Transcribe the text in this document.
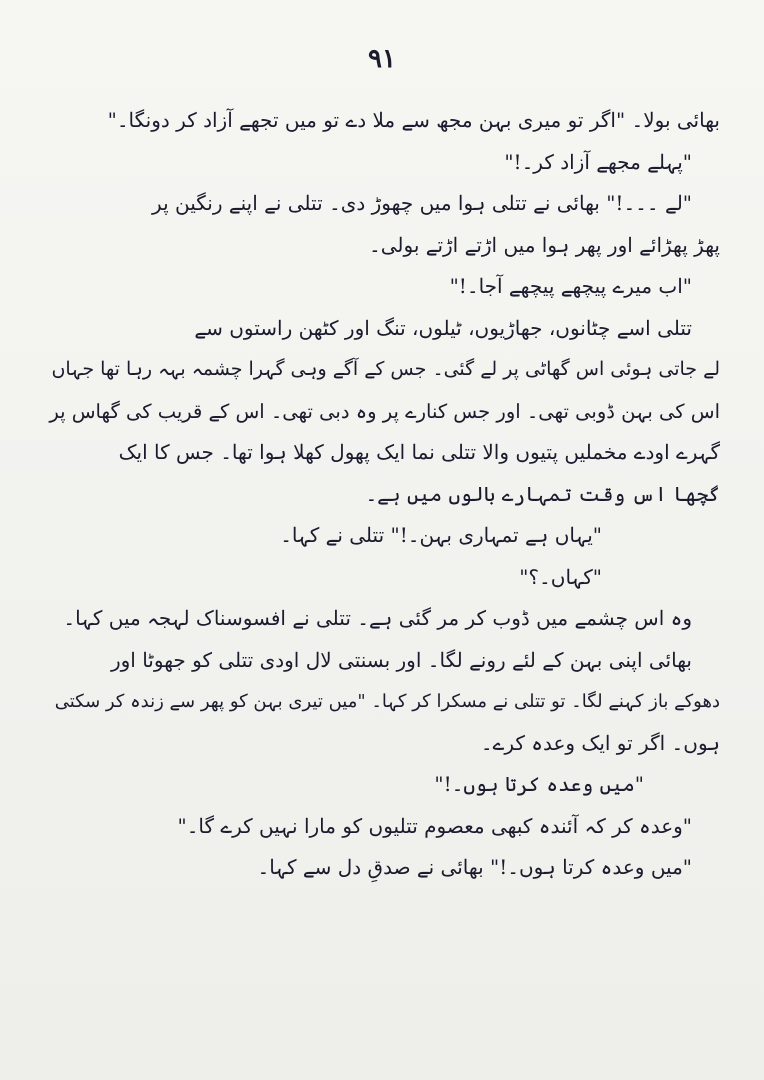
۹۱
بھائی بولا۔ "اگر تو میری بہن مجھ سے ملا دے تو میں تجھے آزاد کر دونگا۔"
"پہلے مجھے آزاد کر۔!"
"لے ۔۔۔!" بھائی نے تتلی ہوا میں چھوڑ دی۔ تتلی نے اپنے رنگین پر
پھڑ پھڑائے اور پھر ہوا میں اڑتے اڑتے بولی۔
"اب میرے پیچھے پیچھے آجا۔!"
تتلی اسے چٹانوں، جھاڑیوں، ٹیلوں، تنگ اور کٹھن راستوں سے
لے جاتی ہوئی اس گھاٹی پر لے گئی۔ جس کے آگے وہی گہرا چشمہ بہہ رہا تھا جہاں
اس کی بہن ڈوبی تھی۔ اور جس کنارے پر وہ دبی تھی۔ اس کے قریب کی گھاس پر
گہرے اودے مخملیں پتیوں والا تتلی نما ایک پھول کھلا ہوا تھا۔ جس کا ایک
گچھا اس وقت تمہارے بالوں میں ہے۔
"یہاں ہے تمہاری بہن۔!" تتلی نے کہا۔
"کہاں۔؟"
وہ اس چشمے میں ڈوب کر مر گئی ہے۔ تتلی نے افسوسناک لہجہ میں کہا۔
بھائی اپنی بہن کے لئے رونے لگا۔ اور بسنتی لال اودی تتلی کو جھوٹا اور
دھوکے باز کہنے لگا۔ تو تتلی نے مسکرا کر کہا۔ "میں تیری بہن کو پھر سے زندہ کر سکتی
ہوں۔ اگر تو ایک وعدہ کرے۔
"میں وعدہ کرتا ہوں۔!"
"وعدہ کر کہ آئندہ کبھی معصوم تتلیوں کو مارا نہیں کرے گا۔"
"میں وعدہ کرتا ہوں۔!" بھائی نے صدقِ دل سے کہا۔
